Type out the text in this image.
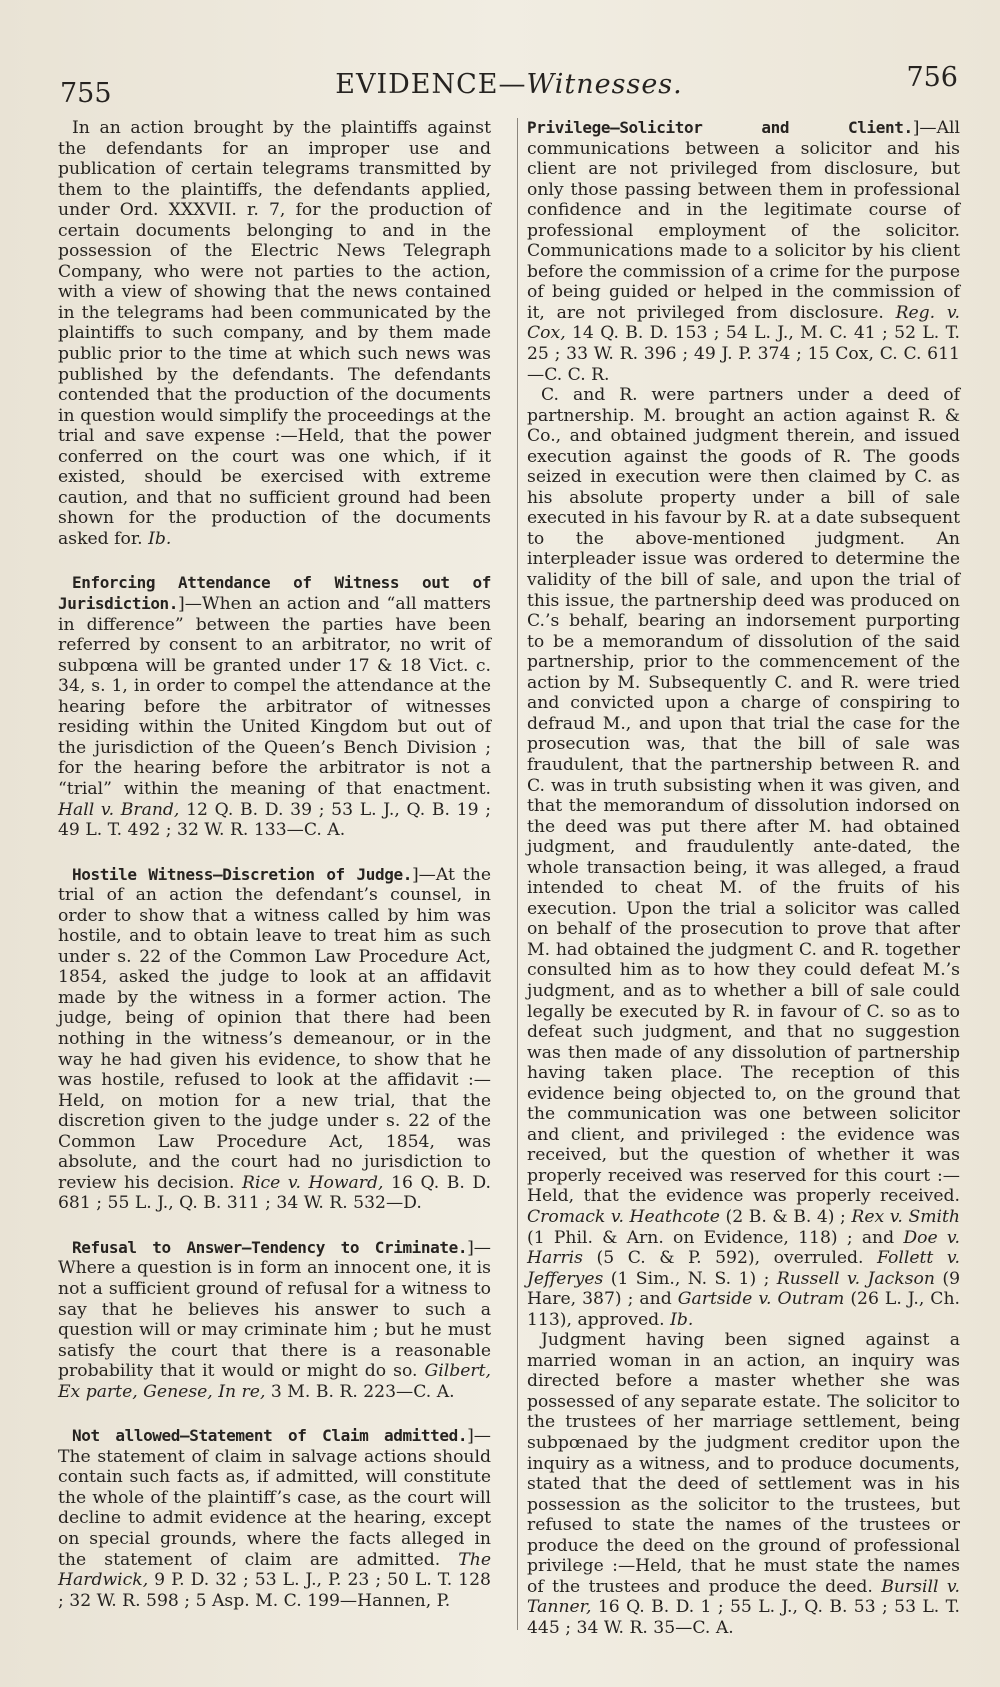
755	EVIDENCE—Witnesses.	756

In an action brought by the plaintiffs against the defendants for an improper use and publication of certain telegrams transmitted by them to the plaintiffs, the defendants applied, under Ord. XXXVII. r. 7, for the production of certain documents belonging to and in the possession of the Electric News Telegraph Company, who were not parties to the action, with a view of showing that the news contained in the telegrams had been communicated by the plaintiffs to such company, and by them made public prior to the time at which such news was published by the defendants. The defendants contended that the production of the documents in question would simplify the proceedings at the trial and save expense :—Held, that the power conferred on the court was one which, if it existed, should be exercised with extreme caution, and that no sufficient ground had been shown for the production of the documents asked for. Ib.

Enforcing Attendance of Witness out of Jurisdiction.]—When an action and “all matters in difference” between the parties have been referred by consent to an arbitrator, no writ of subpœna will be granted under 17 & 18 Vict. c. 34, s. 1, in order to compel the attendance at the hearing before the arbitrator of witnesses residing within the United Kingdom but out of the jurisdiction of the Queen’s Bench Division ; for the hearing before the arbitrator is not a “trial” within the meaning of that enactment. Hall v. Brand, 12 Q. B. D. 39 ; 53 L. J., Q. B. 19 ; 49 L. T. 492 ; 32 W. R. 133—C. A.

Hostile Witness—Discretion of Judge.]—At the trial of an action the defendant’s counsel, in order to show that a witness called by him was hostile, and to obtain leave to treat him as such under s. 22 of the Common Law Procedure Act, 1854, asked the judge to look at an affidavit made by the witness in a former action. The judge, being of opinion that there had been nothing in the witness’s demeanour, or in the way he had given his evidence, to show that he was hostile, refused to look at the affidavit :—Held, on motion for a new trial, that the discretion given to the judge under s. 22 of the Common Law Procedure Act, 1854, was absolute, and the court had no jurisdiction to review his decision. Rice v. Howard, 16 Q. B. D. 681 ; 55 L. J., Q. B. 311 ; 34 W. R. 532—D.

Refusal to Answer—Tendency to Criminate.]—Where a question is in form an innocent one, it is not a sufficient ground of refusal for a witness to say that he believes his answer to such a question will or may criminate him ; but he must satisfy the court that there is a reasonable probability that it would or might do so. Gilbert, Ex parte, Genese, In re, 3 M. B. R. 223—C. A.

Not allowed—Statement of Claim admitted.]—The statement of claim in salvage actions should contain such facts as, if admitted, will constitute the whole of the plaintiff’s case, as the court will decline to admit evidence at the hearing, except on special grounds, where the facts alleged in the statement of claim are admitted. The Hardwick, 9 P. D. 32 ; 53 L. J., P. 23 ; 50 L. T. 128 ; 32 W. R. 598 ; 5 Asp. M. C. 199—Hannen, P.

Privilege—Solicitor and Client.]—All communications between a solicitor and his client are not privileged from disclosure, but only those passing between them in professional confidence and in the legitimate course of professional employment of the solicitor. Communications made to a solicitor by his client before the commission of a crime for the purpose of being guided or helped in the commission of it, are not privileged from disclosure. Reg. v. Cox, 14 Q. B. D. 153 ; 54 L. J., M. C. 41 ; 52 L. T. 25 ; 33 W. R. 396 ; 49 J. P. 374 ; 15 Cox, C. C. 611—C. C. R.

C. and R. were partners under a deed of partnership. M. brought an action against R. & Co., and obtained judgment therein, and issued execution against the goods of R. The goods seized in execution were then claimed by C. as his absolute property under a bill of sale executed in his favour by R. at a date subsequent to the above-mentioned judgment. An interpleader issue was ordered to determine the validity of the bill of sale, and upon the trial of this issue, the partnership deed was produced on C.’s behalf, bearing an indorsement purporting to be a memorandum of dissolution of the said partnership, prior to the commencement of the action by M. Subsequently C. and R. were tried and convicted upon a charge of conspiring to defraud M., and upon that trial the case for the prosecution was, that the bill of sale was fraudulent, that the partnership between R. and C. was in truth subsisting when it was given, and that the memorandum of dissolution indorsed on the deed was put there after M. had obtained judgment, and fraudulently ante-dated, the whole transaction being, it was alleged, a fraud intended to cheat M. of the fruits of his execution. Upon the trial a solicitor was called on behalf of the prosecution to prove that after M. had obtained the judgment C. and R. together consulted him as to how they could defeat M.’s judgment, and as to whether a bill of sale could legally be executed by R. in favour of C. so as to defeat such judgment, and that no suggestion was then made of any dissolution of partnership having taken place. The reception of this evidence being objected to, on the ground that the communication was one between solicitor and client, and privileged : the evidence was received, but the question of whether it was properly received was reserved for this court :—Held, that the evidence was properly received. Cromack v. Heathcote (2 B. & B. 4) ; Rex v. Smith (1 Phil. & Arn. on Evidence, 118) ; and Doe v. Harris (5 C. & P. 592), overruled. Follett v. Jefferyes (1 Sim., N. S. 1) ; Russell v. Jackson (9 Hare, 387) ; and Gartside v. Outram (26 L. J., Ch. 113), approved. Ib.

Judgment having been signed against a married woman in an action, an inquiry was directed before a master whether she was possessed of any separate estate. The solicitor to the trustees of her marriage settlement, being subpœnaed by the judgment creditor upon the inquiry as a witness, and to produce documents, stated that the deed of settlement was in his possession as the solicitor to the trustees, but refused to state the names of the trustees or produce the deed on the ground of professional privilege :—Held, that he must state the names of the trustees and produce the deed. Bursill v. Tanner, 16 Q. B. D. 1 ; 55 L. J., Q. B. 53 ; 53 L. T. 445 ; 34 W. R. 35—C. A.
